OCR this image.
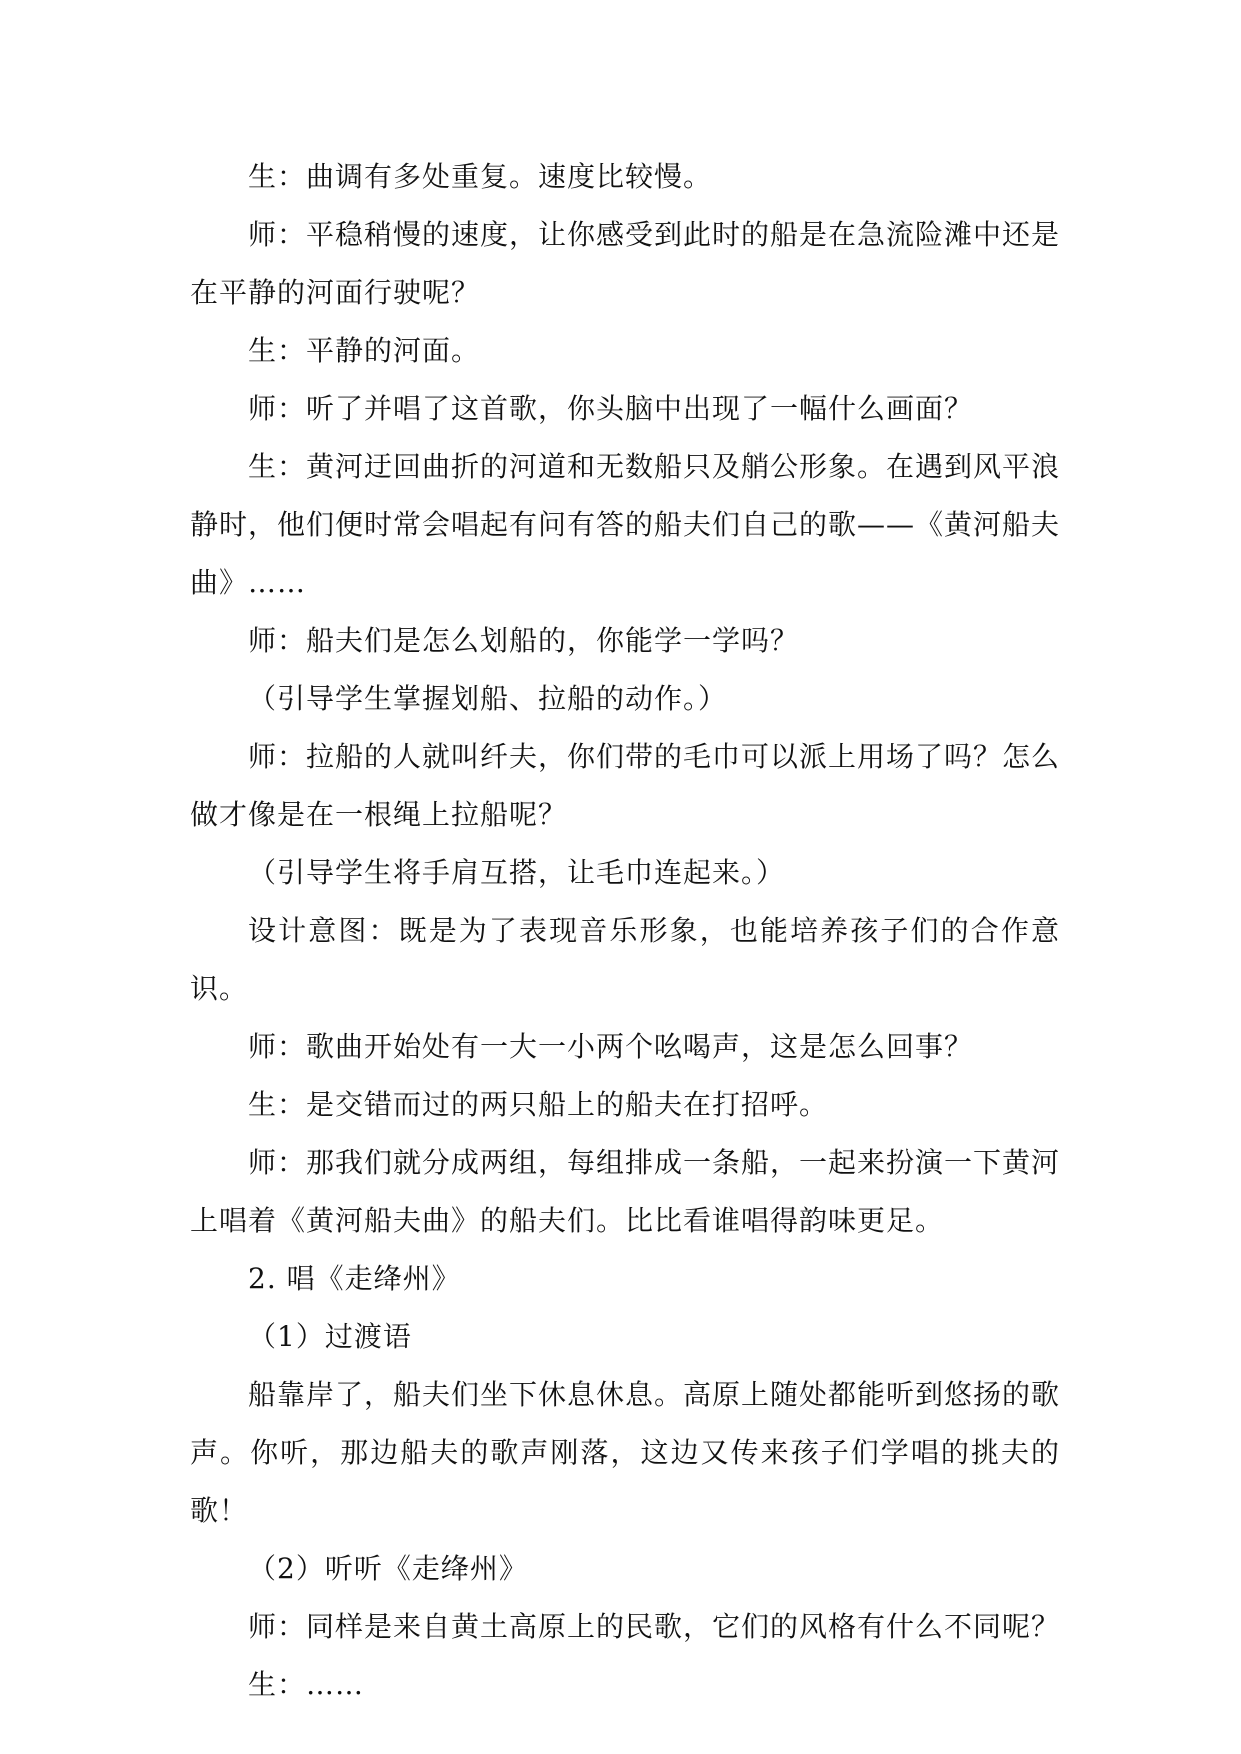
生：曲调有多处重复。速度比较慢。

师：平稳稍慢的速度，让你感受到此时的船是在急流险滩中还是在平静的河面行驶呢？

生：平静的河面。

师：听了并唱了这首歌，你头脑中出现了一幅什么画面？

生：黄河迂回曲折的河道和无数船只及艄公形象。在遇到风平浪静时，他们便时常会唱起有问有答的船夫们自己的歌——《黄河船夫曲》……

师：船夫们是怎么划船的，你能学一学吗？

（引导学生掌握划船、拉船的动作。）

师：拉船的人就叫纤夫，你们带的毛巾可以派上用场了吗？怎么做才像是在一根绳上拉船呢？

（引导学生将手肩互搭，让毛巾连起来。）

设计意图：既是为了表现音乐形象，也能培养孩子们的合作意识。

师：歌曲开始处有一大一小两个吆喝声，这是怎么回事？

生：是交错而过的两只船上的船夫在打招呼。

师：那我们就分成两组，每组排成一条船，一起来扮演一下黄河上唱着《黄河船夫曲》的船夫们。比比看谁唱得韵味更足。

2. 唱《走绛州》

（1）过渡语

船靠岸了，船夫们坐下休息休息。高原上随处都能听到悠扬的歌声。你听，那边船夫的歌声刚落，这边又传来孩子们学唱的挑夫的歌！

（2）听听《走绛州》

师：同样是来自黄土高原上的民歌，它们的风格有什么不同呢？

生：……
